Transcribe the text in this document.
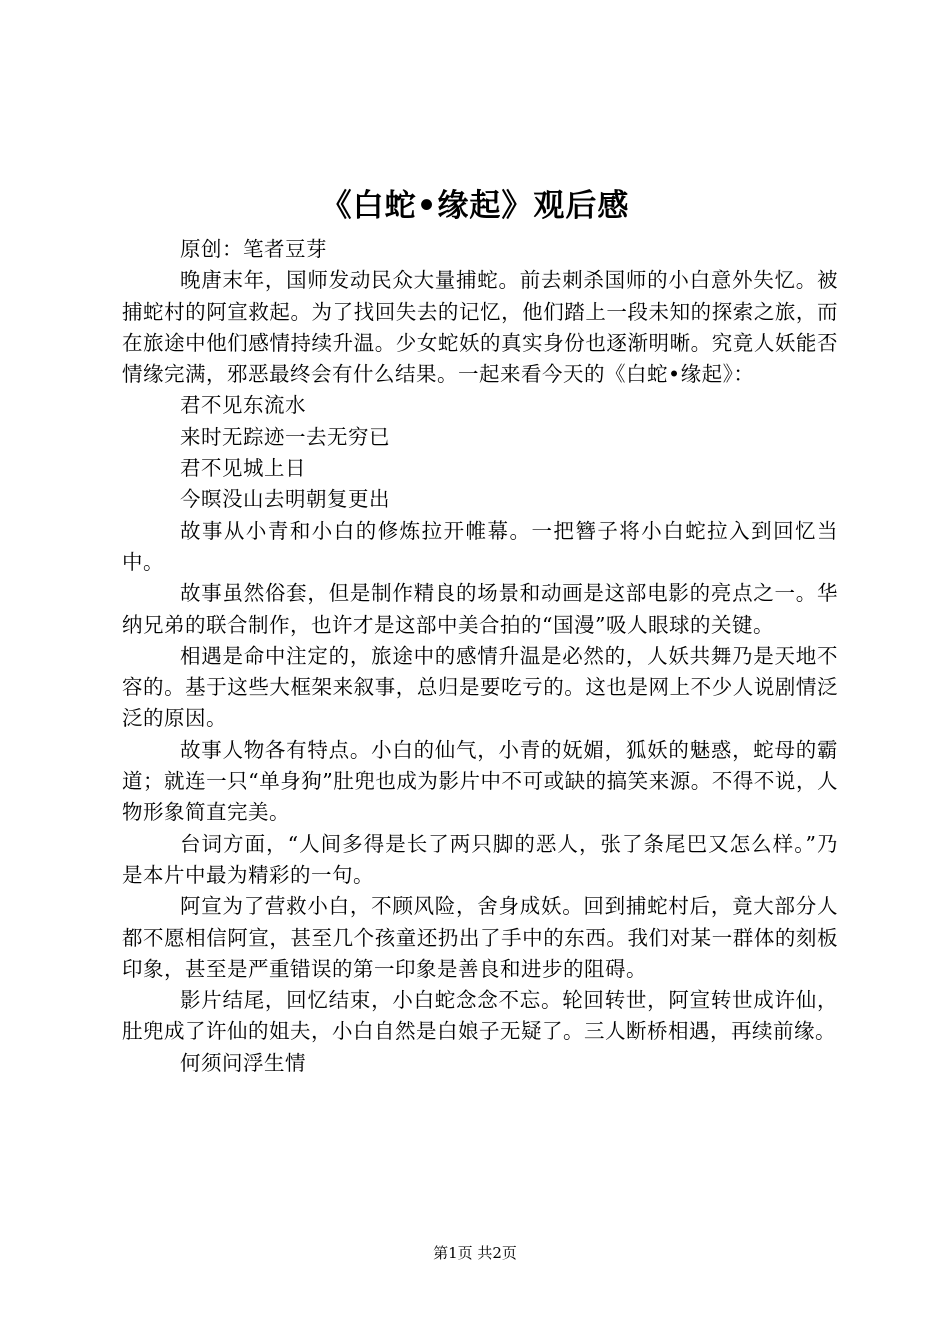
《白蛇•缘起》观后感

原创：笔者豆芽

晚唐末年，国师发动民众大量捕蛇。前去刺杀国师的小白意外失忆。被捕蛇村的阿宣救起。为了找回失去的记忆，他们踏上一段未知的探索之旅，而在旅途中他们感情持续升温。少女蛇妖的真实身份也逐渐明晰。究竟人妖能否情缘完满，邪恶最终会有什么结果。一起来看今天的《白蛇•缘起》：

君不见东流水

来时无踪迹一去无穷已

君不见城上日

今暝没山去明朝复更出

故事从小青和小白的修炼拉开帷幕。一把簪子将小白蛇拉入到回忆当中。

故事虽然俗套，但是制作精良的场景和动画是这部电影的亮点之一。华纳兄弟的联合制作，也许才是这部中美合拍的“国漫”吸人眼球的关键。

相遇是命中注定的，旅途中的感情升温是必然的，人妖共舞乃是天地不容的。基于这些大框架来叙事，总归是要吃亏的。这也是网上不少人说剧情泛泛的原因。

故事人物各有特点。小白的仙气，小青的妩媚，狐妖的魅惑，蛇母的霸道；就连一只“单身狗”肚兜也成为影片中不可或缺的搞笑来源。不得不说，人物形象简直完美。

台词方面，“人间多得是长了两只脚的恶人，张了条尾巴又怎么样。”乃是本片中最为精彩的一句。

阿宣为了营救小白，不顾风险，舍身成妖。回到捕蛇村后，竟大部分人都不愿相信阿宣，甚至几个孩童还扔出了手中的东西。我们对某一群体的刻板印象，甚至是严重错误的第一印象是善良和进步的阻碍。

影片结尾，回忆结束，小白蛇念念不忘。轮回转世，阿宣转世成许仙，肚兜成了许仙的姐夫，小白自然是白娘子无疑了。三人断桥相遇，再续前缘。

何须问浮生情

第1页 共2页
